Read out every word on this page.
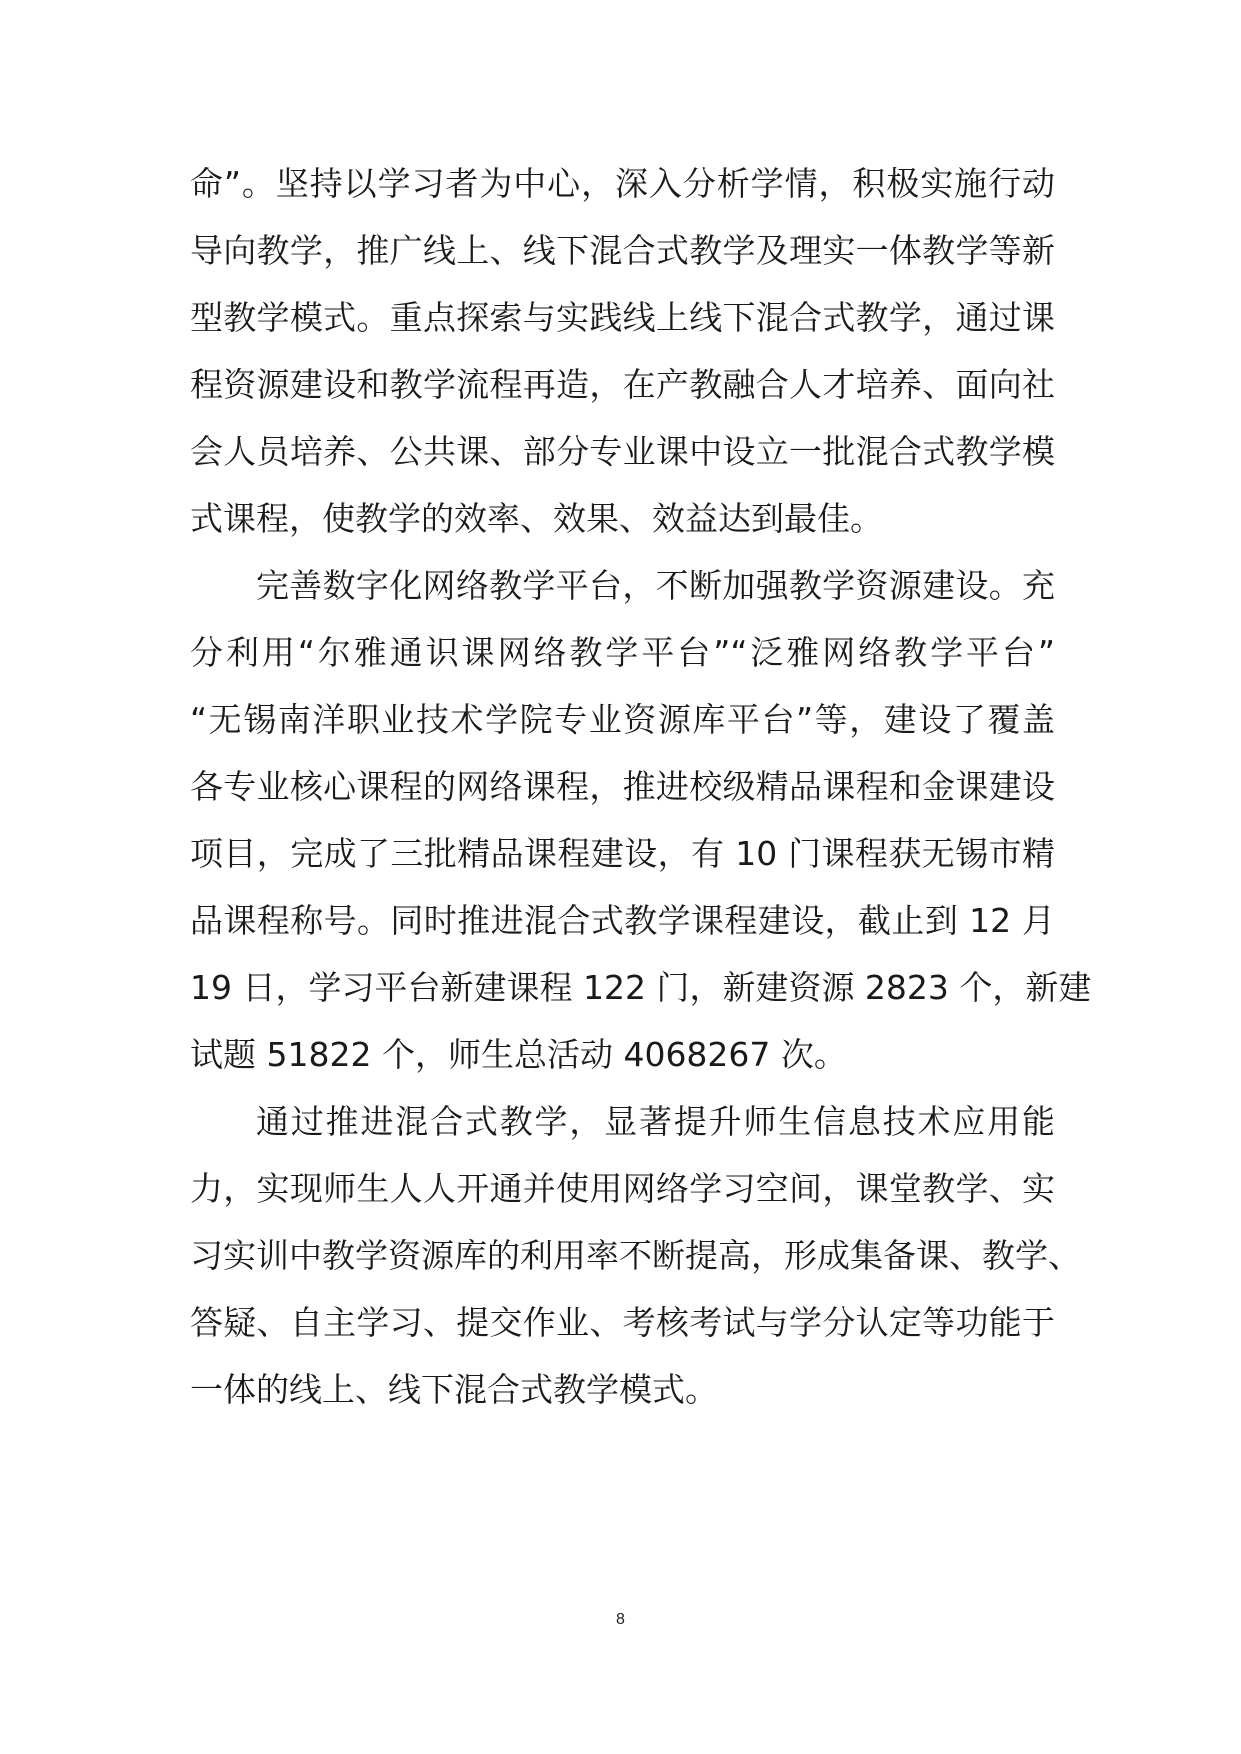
命”。坚持以学习者为中心，深入分析学情，积极实施行动
导向教学，推广线上、线下混合式教学及理实一体教学等新
型教学模式。重点探索与实践线上线下混合式教学，通过课
程资源建设和教学流程再造，在产教融合人才培养、面向社
会人员培养、公共课、部分专业课中设立一批混合式教学模
式课程，使教学的效率、效果、效益达到最佳。
完善数字化网络教学平台，不断加强教学资源建设。充
分利用“尔雅通识课网络教学平台”“泛雅网络教学平台”
“无锡南洋职业技术学院专业资源库平台”等，建设了覆盖
各专业核心课程的网络课程，推进校级精品课程和金课建设
项目，完成了三批精品课程建设，有 10 门课程获无锡市精
品课程称号。同时推进混合式教学课程建设，截止到 12 月
19 日，学习平台新建课程 122 门，新建资源 2823 个，新建
试题 51822 个，师生总活动 4068267 次。
通过推进混合式教学，显著提升师生信息技术应用能
力，实现师生人人开通并使用网络学习空间，课堂教学、实
习实训中教学资源库的利用率不断提高，形成集备课、教学、
答疑、自主学习、提交作业、考核考试与学分认定等功能于
一体的线上、线下混合式教学模式。
8
